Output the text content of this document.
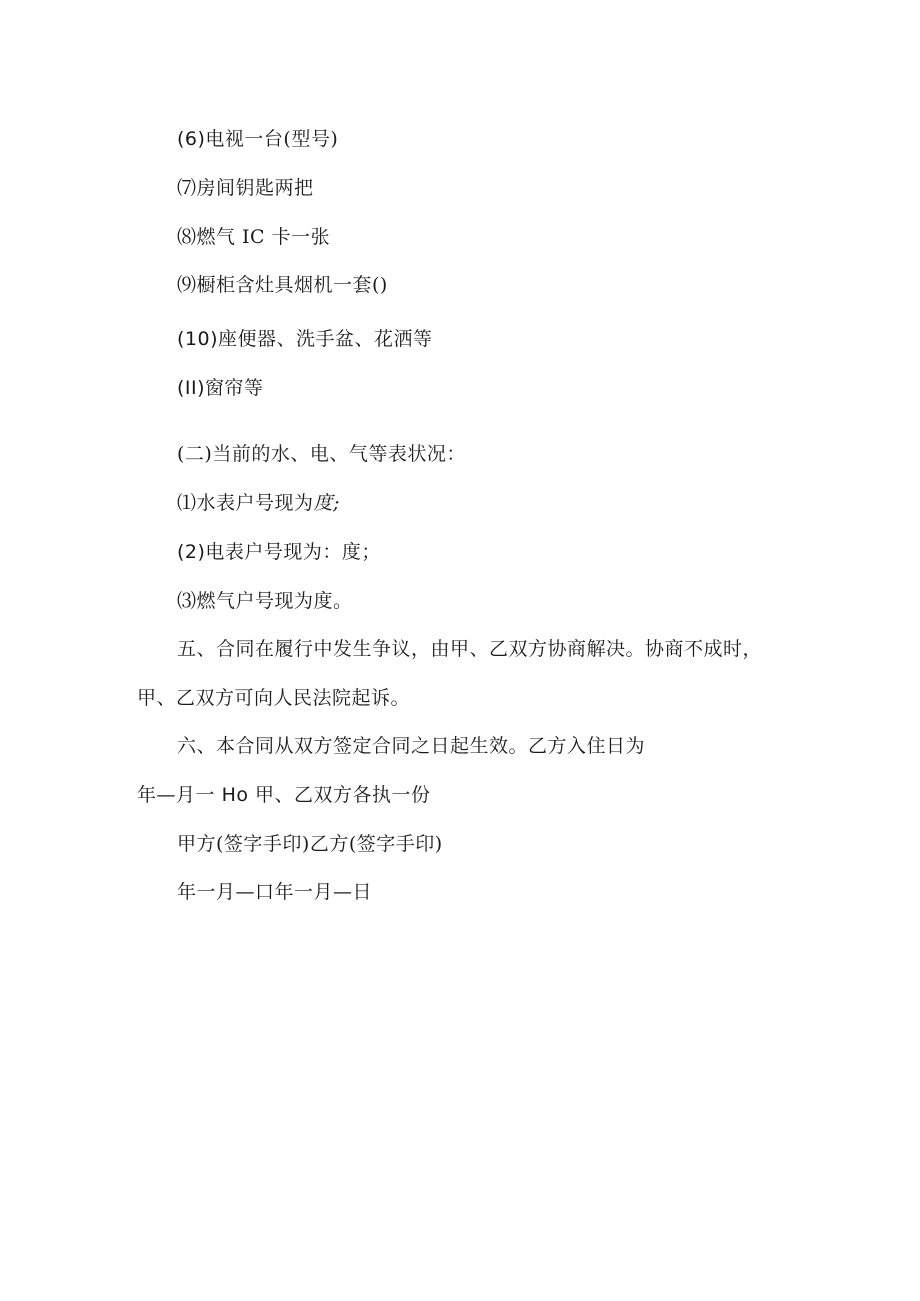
(6)电视一台(型号)
⑺房间钥匙两把
⑻燃气 IC 卡一张
⑼橱柜含灶具烟机一套()
(10)座便器、洗手盆、花洒等
(II)窗帘等
(二)当前的水、电、气等表状况：
⑴水表户号现为度;
(2)电表户号现为：度；
⑶燃气户号现为度。
五、合同在履行中发生争议，由甲、乙双方协商解决。协商不成时，
甲、乙双方可向人民法院起诉。
六、本合同从双方签定合同之日起生效。乙方入住日为
年—月一 Ho 甲、乙双方各执一份
甲方(签字手印)乙方(签字手印)
年一月—口年一月—日
